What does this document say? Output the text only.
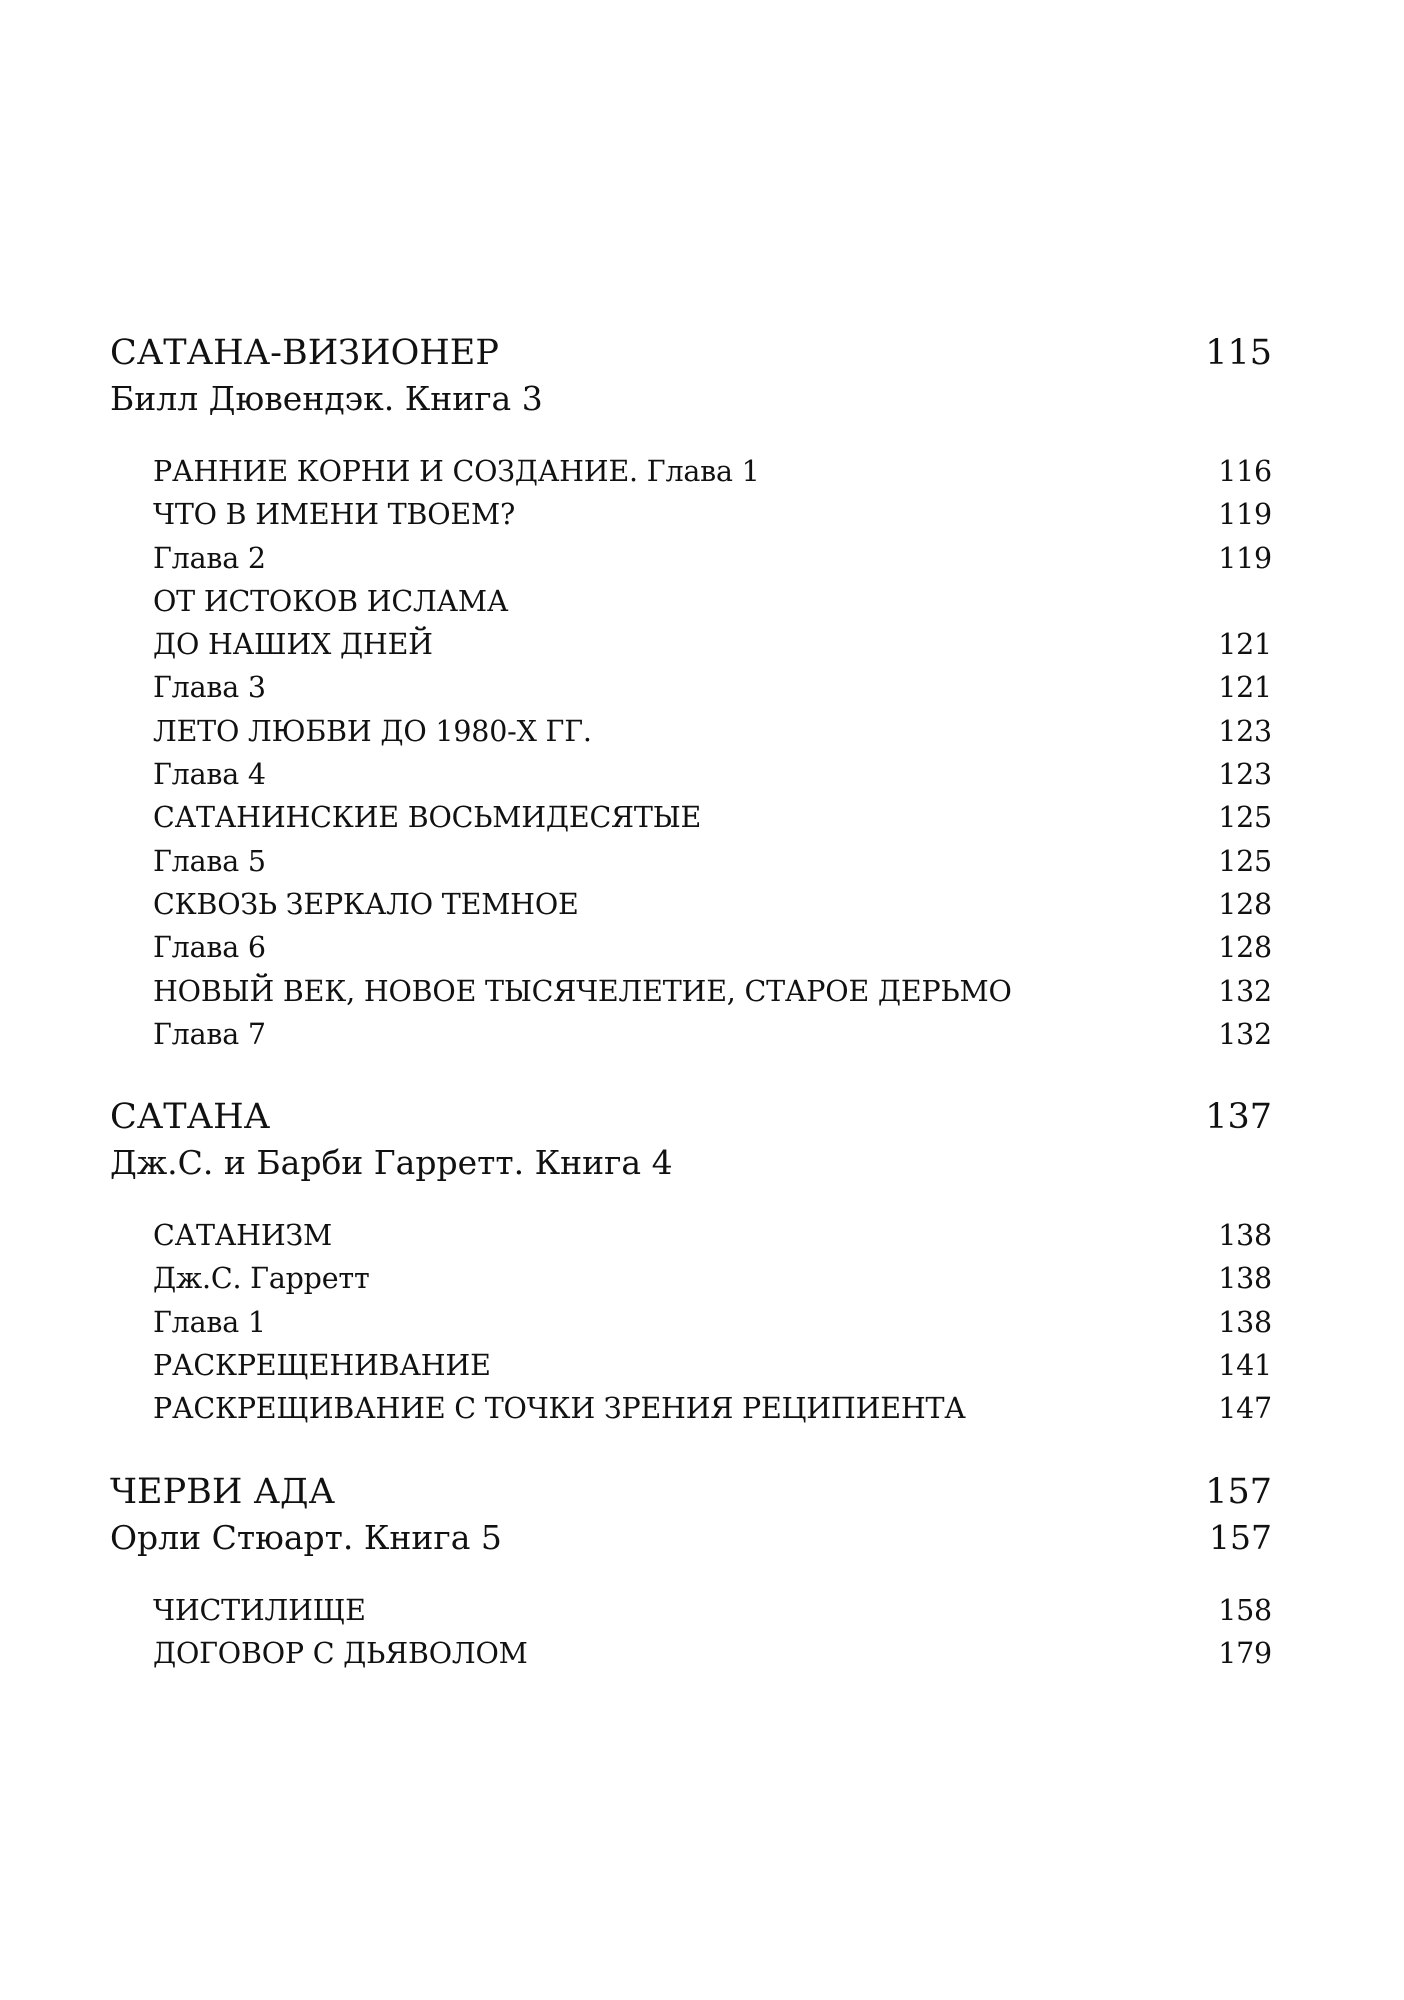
САТАНА-ВИЗИОНЕР	115
Билл Дювендэк. Книга 3
РАННИЕ КОРНИ И СОЗДАНИЕ. Глава 1	116
ЧТО В ИМЕНИ ТВОЕМ?	119
Глава 2	119
ОТ ИСТОКОВ ИСЛАМА
ДО НАШИХ ДНЕЙ	121
Глава 3	121
ЛЕТО ЛЮБВИ ДО 1980-Х ГГ.	123
Глава 4	123
САТАНИНСКИЕ ВОСЬМИДЕСЯТЫЕ	125
Глава 5	125
СКВОЗЬ ЗЕРКАЛО ТЕМНОЕ	128
Глава 6	128
НОВЫЙ ВЕК, НОВОЕ ТЫСЯЧЕЛЕТИЕ, СТАРОЕ ДЕРЬМО	132
Глава 7	132
САТАНА	137
Дж.С. и Барби Гарретт. Книга 4
САТАНИЗМ	138
Дж.С. Гарретт	138
Глава 1	138
РАСКРЕЩЕНИВАНИЕ	141
РАСКРЕЩИВАНИЕ С ТОЧКИ ЗРЕНИЯ РЕЦИПИЕНТА	147
ЧЕРВИ АДА	157
Орли Стюарт. Книга 5	157
ЧИСТИЛИЩЕ	158
ДОГОВОР С ДЬЯВОЛОМ	179
